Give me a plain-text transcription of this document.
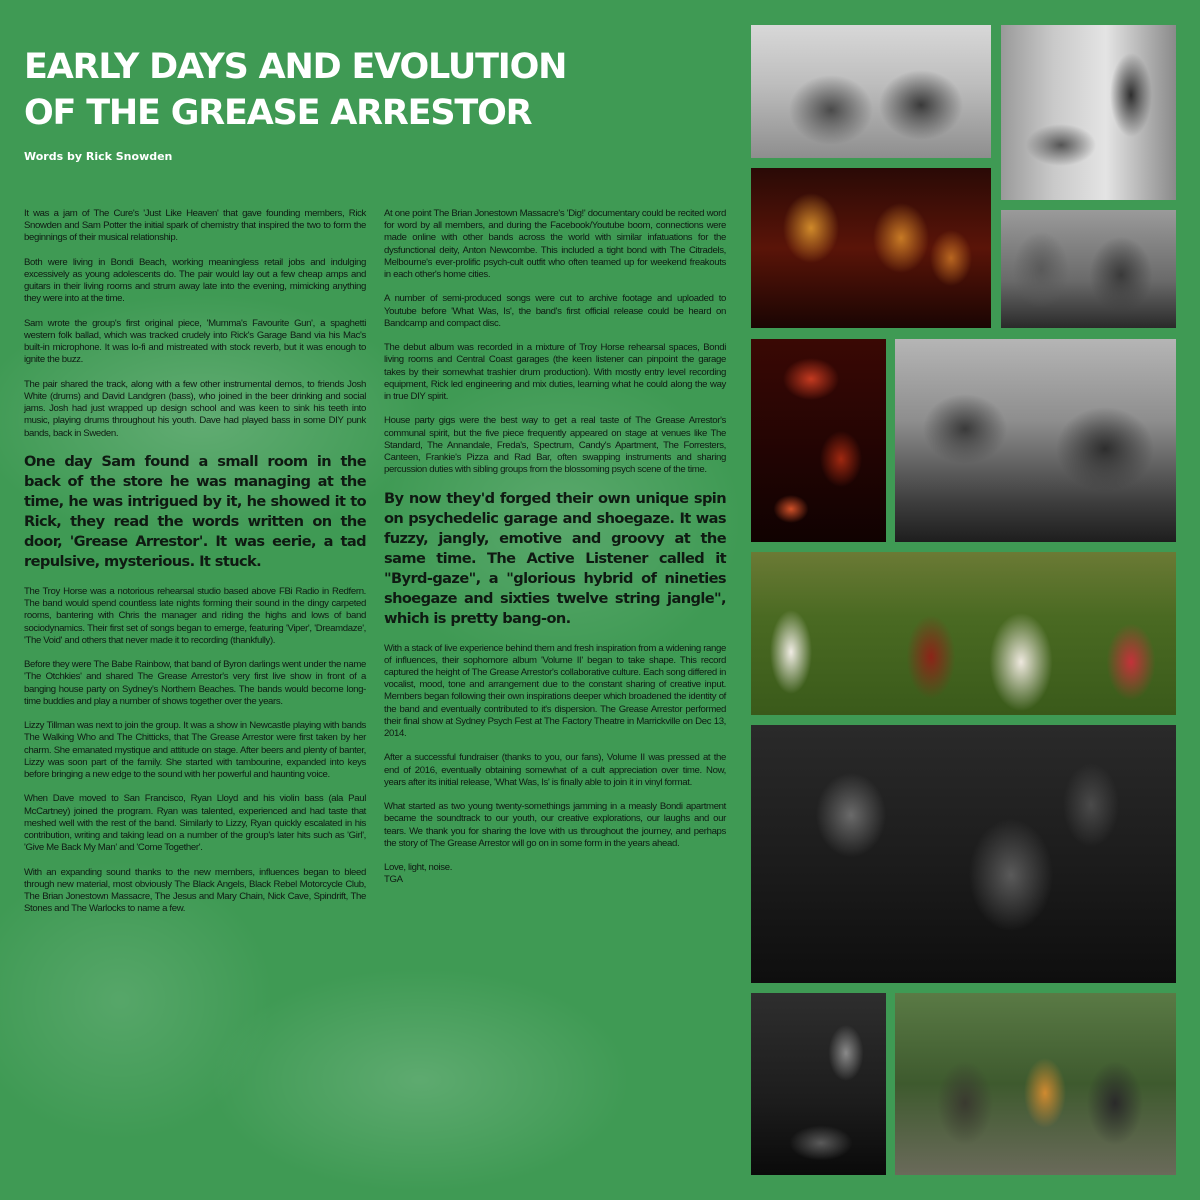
EARLY DAYS AND EVOLUTION
OF THE GREASE ARRESTOR
Words by Rick Snowden

It was a jam of The Cure's 'Just Like Heaven' that gave founding members, Rick Snowden and Sam Potter the initial spark of chemistry that inspired the two to form the beginnings of their musical relationship.

Both were living in Bondi Beach, working meaningless retail jobs and indulging excessively as young adolescents do. The pair would lay out a few cheap amps and guitars in their living rooms and strum away late into the evening, mimicking anything they were into at the time.

Sam wrote the group's first original piece, 'Mumma's Favourite Gun', a spaghetti western folk ballad, which was tracked crudely into Rick's Garage Band via his Mac's built-in microphone. It was lo-fi and mistreated with stock reverb, but it was enough to ignite the buzz.

The pair shared the track, along with a few other instrumental demos, to friends Josh White (drums) and David Landgren (bass), who joined in the beer drinking and social jams. Josh had just wrapped up design school and was keen to sink his teeth into music, playing drums throughout his youth. Dave had played bass in some DIY punk bands, back in Sweden.

One day Sam found a small room in the back of the store he was managing at the time, he was intrigued by it, he showed it to Rick, they read the words written on the door, 'Grease Arrestor'. It was eerie, a tad repulsive, mysterious. It stuck.

The Troy Horse was a notorious rehearsal studio based above FBi Radio in Redfern. The band would spend countless late nights forming their sound in the dingy carpeted rooms, bantering with Chris the manager and riding the highs and lows of band sociodynamics. Their first set of songs began to emerge, featuring 'Viper', 'Dreamdaze', 'The Void' and others that never made it to recording (thankfully).

Before they were The Babe Rainbow, that band of Byron darlings went under the name 'The Otchkies' and shared The Grease Arrestor's very first live show in front of a banging house party on Sydney's Northern Beaches. The bands would become long-time buddies and play a number of shows together over the years.

Lizzy Tillman was next to join the group. It was a show in Newcastle playing with bands The Walking Who and The Chitticks, that The Grease Arrestor were first taken by her charm. She emanated mystique and attitude on stage. After beers and plenty of banter, Lizzy was soon part of the family. She started with tambourine, expanded into keys before bringing a new edge to the sound with her powerful and haunting voice.

When Dave moved to San Francisco, Ryan Lloyd and his violin bass (ala Paul McCartney) joined the program. Ryan was talented, experienced and had taste that meshed well with the rest of the band. Similarly to Lizzy, Ryan quickly escalated in his contribution, writing and taking lead on a number of the group's later hits such as 'Girl', 'Give Me Back My Man' and 'Come Together'.

With an expanding sound thanks to the new members, influences began to bleed through new material, most obviously The Black Angels, Black Rebel Motorcycle Club, The Brian Jonestown Massacre, The Jesus and Mary Chain, Nick Cave, Spindrift, The Stones and The Warlocks to name a few.

At one point The Brian Jonestown Massacre's 'Dig!' documentary could be recited word for word by all members, and during the Facebook/Youtube boom, connections were made online with other bands across the world with similar infatuations for the dysfunctional deity, Anton Newcombe. This included a tight bond with The Citradels, Melbourne's ever-prolific psych-cult outfit who often teamed up for weekend freakouts in each other's home cities.

A number of semi-produced songs were cut to archive footage and uploaded to Youtube before 'What Was, Is', the band's first official release could be heard on Bandcamp and compact disc.

The debut album was recorded in a mixture of Troy Horse rehearsal spaces, Bondi living rooms and Central Coast garages (the keen listener can pinpoint the garage takes by their somewhat trashier drum production). With mostly entry level recording equipment, Rick led engineering and mix duties, learning what he could along the way in true DIY spirit.

House party gigs were the best way to get a real taste of The Grease Arrestor's communal spirit, but the five piece frequently appeared on stage at venues like The Standard, The Annandale, Freda's, Spectrum, Candy's Apartment, The Forresters, Canteen, Frankie's Pizza and Rad Bar, often swapping instruments and sharing percussion duties with sibling groups from the blossoming psych scene of the time.

By now they'd forged their own unique spin on psychedelic garage and shoegaze. It was fuzzy, jangly, emotive and groovy at the same time. The Active Listener called it "Byrd-gaze", a "glorious hybrid of nineties shoegaze and sixties twelve string jangle", which is pretty bang-on.

With a stack of live experience behind them and fresh inspiration from a widening range of influences, their sophomore album 'Volume II' began to take shape. This record captured the height of The Grease Arrestor's collaborative culture. Each song differed in vocalist, mood, tone and arrangement due to the constant sharing of creative input. Members began following their own inspirations deeper which broadened the identity of the band and eventually contributed to it's dispersion. The Grease Arrestor performed their final show at Sydney Psych Fest at The Factory Theatre in Marrickville on Dec 13, 2014.

After a successful fundraiser (thanks to you, our fans), Volume II was pressed at the end of 2016, eventually obtaining somewhat of a cult appreciation over time. Now, years after its initial release, 'What Was, Is' is finally able to join it in vinyl format.

What started as two young twenty-somethings jamming in a measly Bondi apartment became the soundtrack to our youth, our creative explorations, our laughs and our tears. We thank you for sharing the love with us throughout the journey, and perhaps the story of The Grease Arrestor will go on in some form in the years ahead.

Love, light, noise.

TGA
